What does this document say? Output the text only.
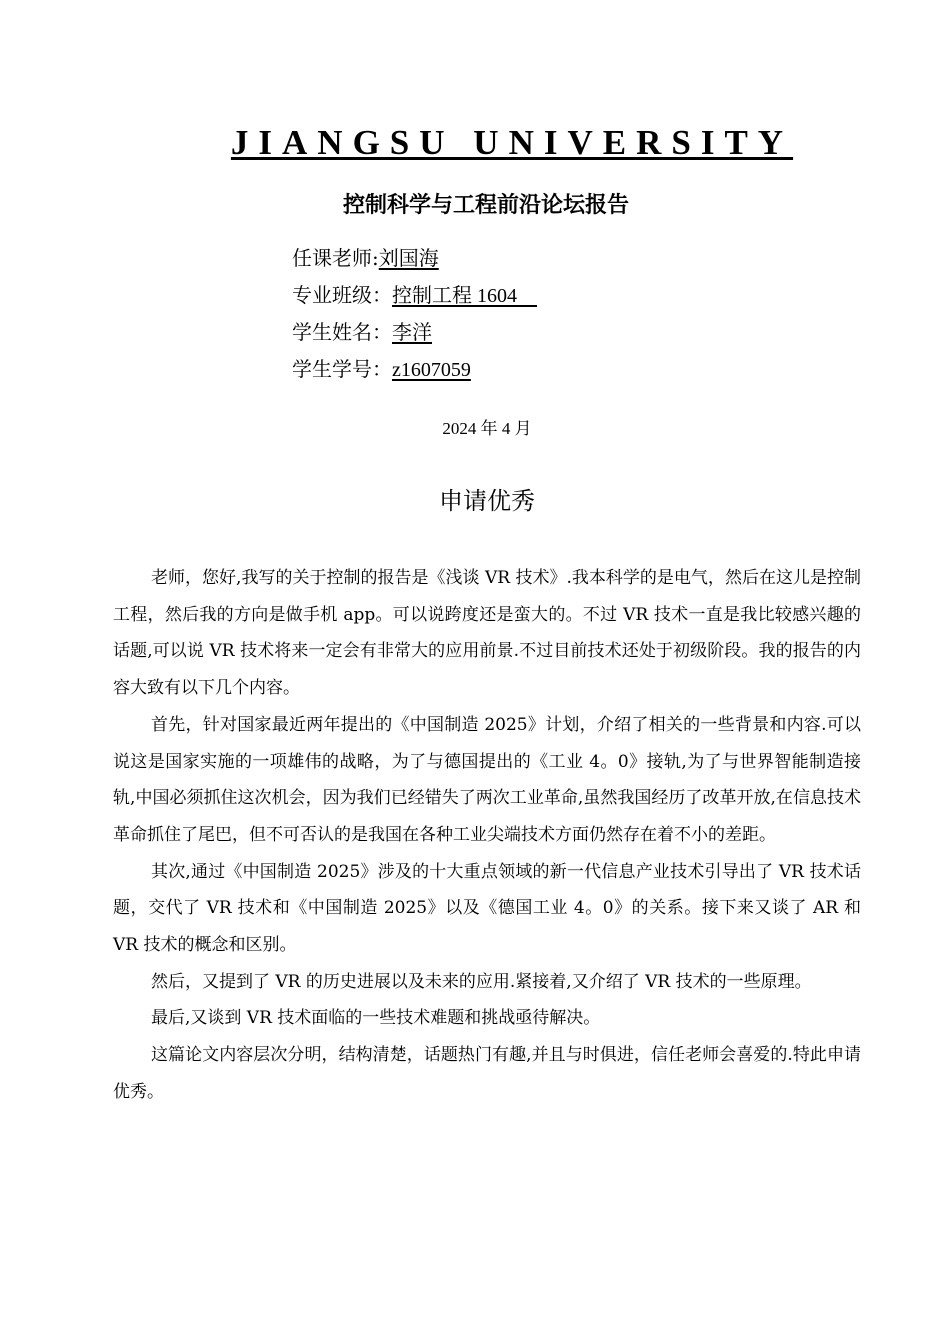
JIANGSU UNIVERSITY
控制科学与工程前沿论坛报告
任课老师:刘国海
专业班级：控制工程 1604
学生姓名：李洋
学生学号：z1607059
2024 年 4 月
申请优秀

老师，您好,我写的关于控制的报告是《浅谈 VR 技术》.我本科学的是电气，然后在这儿是控制工程，然后我的方向是做手机 app。可以说跨度还是蛮大的。不过 VR 技术一直是我比较感兴趣的话题,可以说 VR 技术将来一定会有非常大的应用前景.不过目前技术还处于初级阶段。我的报告的内容大致有以下几个内容。

首先，针对国家最近两年提出的《中国制造 2025》计划，介绍了相关的一些背景和内容.可以说这是国家实施的一项雄伟的战略，为了与德国提出的《工业 4。0》接轨,为了与世界智能制造接轨,中国必须抓住这次机会，因为我们已经错失了两次工业革命,虽然我国经历了改革开放,在信息技术革命抓住了尾巴，但不可否认的是我国在各种工业尖端技术方面仍然存在着不小的差距。

其次,通过《中国制造 2025》涉及的十大重点领域的新一代信息产业技术引导出了 VR 技术话题，交代了 VR 技术和《中国制造 2025》以及《德国工业 4。0》的关系。接下来又谈了 AR 和 VR 技术的概念和区别。

然后，又提到了 VR 的历史进展以及未来的应用.紧接着,又介绍了 VR 技术的一些原理。

最后,又谈到 VR 技术面临的一些技术难题和挑战亟待解决。

这篇论文内容层次分明，结构清楚，话题热门有趣,并且与时俱进，信任老师会喜爱的.特此申请优秀。
